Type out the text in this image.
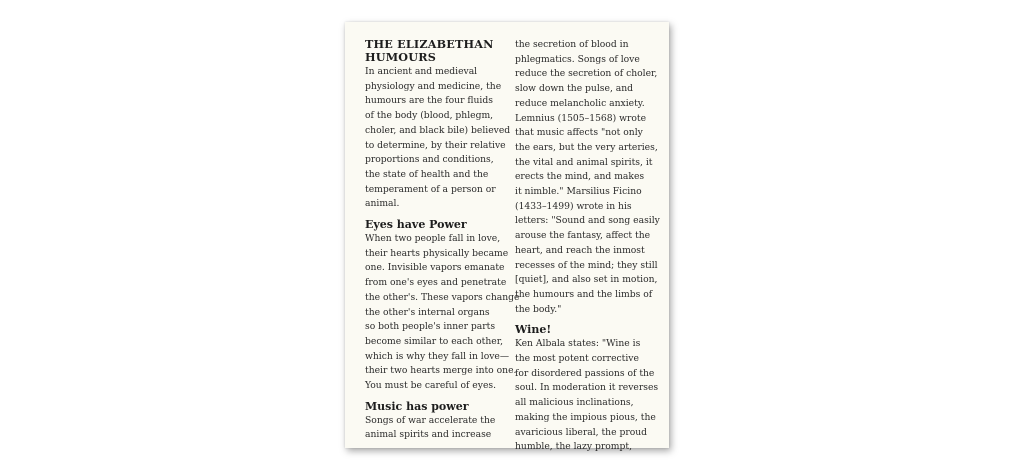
THE ELIZABETHAN
HUMOURS
In ancient and medieval
physiology and medicine, the
humours are the four fluids
of the body (blood, phlegm,
choler, and black bile) believed
to determine, by their relative
proportions and conditions,
the state of health and the
temperament of a person or
animal.
Eyes have Power
When two people fall in love,
their hearts physically became
one. Invisible vapors emanate
from one's eyes and penetrate
the other's. These vapors change
the other's internal organs
so both people's inner parts
become similar to each other,
which is why they fall in love—
their two hearts merge into one.
You must be careful of eyes.
Music has power
Songs of war accelerate the
animal spirits and increase
the secretion of blood in
phlegmatics. Songs of love
reduce the secretion of choler,
slow down the pulse, and
reduce melancholic anxiety.
Lemnius (1505–1568) wrote
that music affects "not only
the ears, but the very arteries,
the vital and animal spirits, it
erects the mind, and makes
it nimble." Marsilius Ficino
(1433–1499) wrote in his
letters: "Sound and song easily
arouse the fantasy, affect the
heart, and reach the inmost
recesses of the mind; they still
[quiet], and also set in motion,
the humours and the limbs of
the body."
Wine!
Ken Albala states: "Wine is
the most potent corrective
for disordered passions of the
soul. In moderation it reverses
all malicious inclinations,
making the impious pious, the
avaricious liberal, the proud
humble, the lazy prompt,
